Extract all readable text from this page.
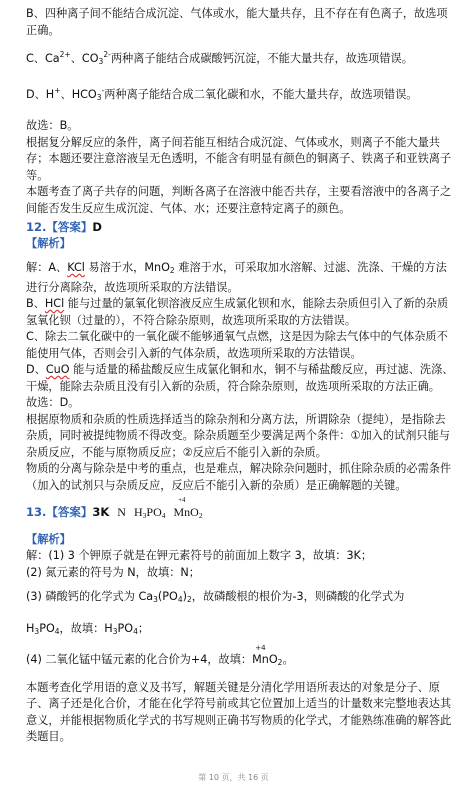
B、四种离子间不能结合成沉淀、气体或水，能大量共存，且不存在有色离子，故选项正确。

C、$Ca^{2+}$、$CO_3^{2-}$两种离子能结合成碳酸钙沉淀，不能大量共存，故选项错误。

D、H+、$HCO_3^-$两种离子能结合成二氧化碳和水，不能大量共存，故选项错误。

故选：B。

根据复分解反应的条件，离子间若能互相结合成沉淀、气体或水，则离子不能大量共存；本题还要注意溶液呈无色透明，不能含有明显有颜色的铜离子、铁离子和亚铁离子等。

本题考查了离子共存的问题，判断各离子在溶液中能否共存，主要看溶液中的各离子之间能否发生反应生成沉淀、气体、水；还要注意特定离子的颜色。

12.【答案】D

【解析】

解：A、KCl 易溶于水，MnO$_2$ 难溶于水，可采取加水溶解、过滤、洗涤、干燥的方法进行分离除杂，故选项所采取的方法错误。

B、HCl 能与过量的氯氧化钡溶液反应生成氯化钡和水，能除去杂质但引入了新的杂质氢氧化钡（过量的），不符合除杂原则，故选项所采取的方法错误。

C、除去二氧化碳中的一氧化碳不能够通氧气点燃，这是因为除去气体中的气体杂质不能使用气体，否则会引入新的气体杂质，故选项所采取的方法错误。

D、CuO 能与适量的稀盐酸反应生成氯化铜和水，铜不与稀盐酸反应，再过滤、洗涤、干燥，能除去杂质且没有引入新的杂质，符合除杂原则，故选项所采取的方法正确。

故选：D。

根据原物质和杂质的性质选择适当的除杂剂和分离方法，所谓除杂（提纯），是指除去杂质，同时被提纯物质不得改变。除杂质题至少要满足两个条件：①加入的试剂只能与杂质反应，不能与原物质反应；②反应后不能引入新的杂质。

物质的分离与除杂是中考的重点，也是难点，解决除杂问题时，抓住除杂质的必需条件（加入的试剂只与杂质反应，反应后不能引入新的杂质）是正确解题的关键。

13.【答案】3K N $H_3PO_4$
+4
MnO$_2$

【解析】

解：(1) 3 个钾原子就是在钾元素符号的前面加上数字 3，故填：3K；

(2) 氮元素的符号为 N，故填：N；

(3) 磷酸钙的化学式为 $Ca_3(PO_4)_2$，故磷酸根的根价为-3，则磷酸的化学式为

$H_3PO_4$，故填：$H_3PO_4$；

(4) 二氧化锰中锰元素的化合价为+4，故填：
+4
MnO$_2$。

本题考查化学用语的意义及书写，解题关键是分清化学用语所表达的对象是分子、原子、离子还是化合价，才能在化学符号前或其它位置加上适当的计量数来完整地表达其意义，并能根据物质化学式的书写规则正确书写物质的化学式，才能熟练准确的解答此类题目。

第 10 页，共 16 页
